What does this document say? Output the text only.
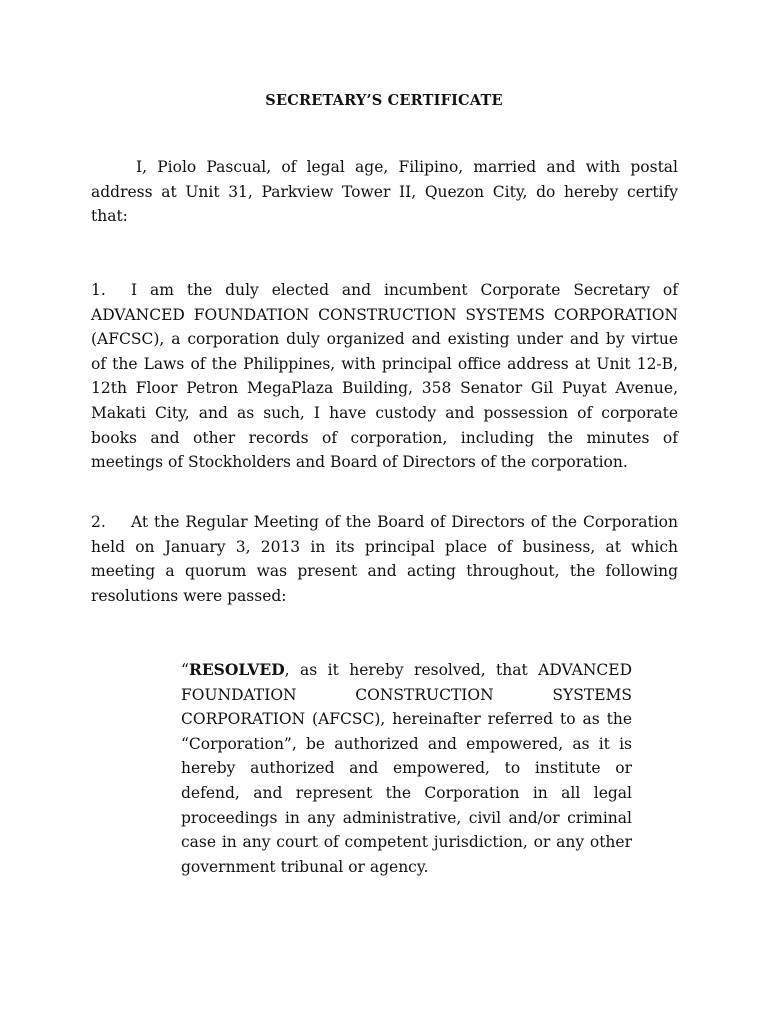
SECRETARY’S CERTIFICATE
I, Piolo Pascual, of legal age, Filipino, married and with postal address at Unit 31, Parkview Tower II, Quezon City, do hereby certify that:
1. I am the duly elected and incumbent Corporate Secretary of ADVANCED FOUNDATION CONSTRUCTION SYSTEMS CORPORATION (AFCSC), a corporation duly organized and existing under and by virtue of the Laws of the Philippines, with principal office address at Unit 12-B, 12th Floor Petron MegaPlaza Building, 358 Senator Gil Puyat Avenue, Makati City, and as such, I have custody and possession of corporate books and other records of corporation, including the minutes of meetings of Stockholders and Board of Directors of the corporation.
2. At the Regular Meeting of the Board of Directors of the Corporation held on January 3, 2013 in its principal place of business, at which meeting a quorum was present and acting throughout, the following resolutions were passed:
“RESOLVED, as it hereby resolved, that ADVANCED FOUNDATION CONSTRUCTION SYSTEMS CORPORATION (AFCSC), hereinafter referred to as the “Corporation”, be authorized and empowered, as it is hereby authorized and empowered, to institute or defend, and represent the Corporation in all legal proceedings in any administrative, civil and/or criminal case in any court of competent jurisdiction, or any other government tribunal or agency.
